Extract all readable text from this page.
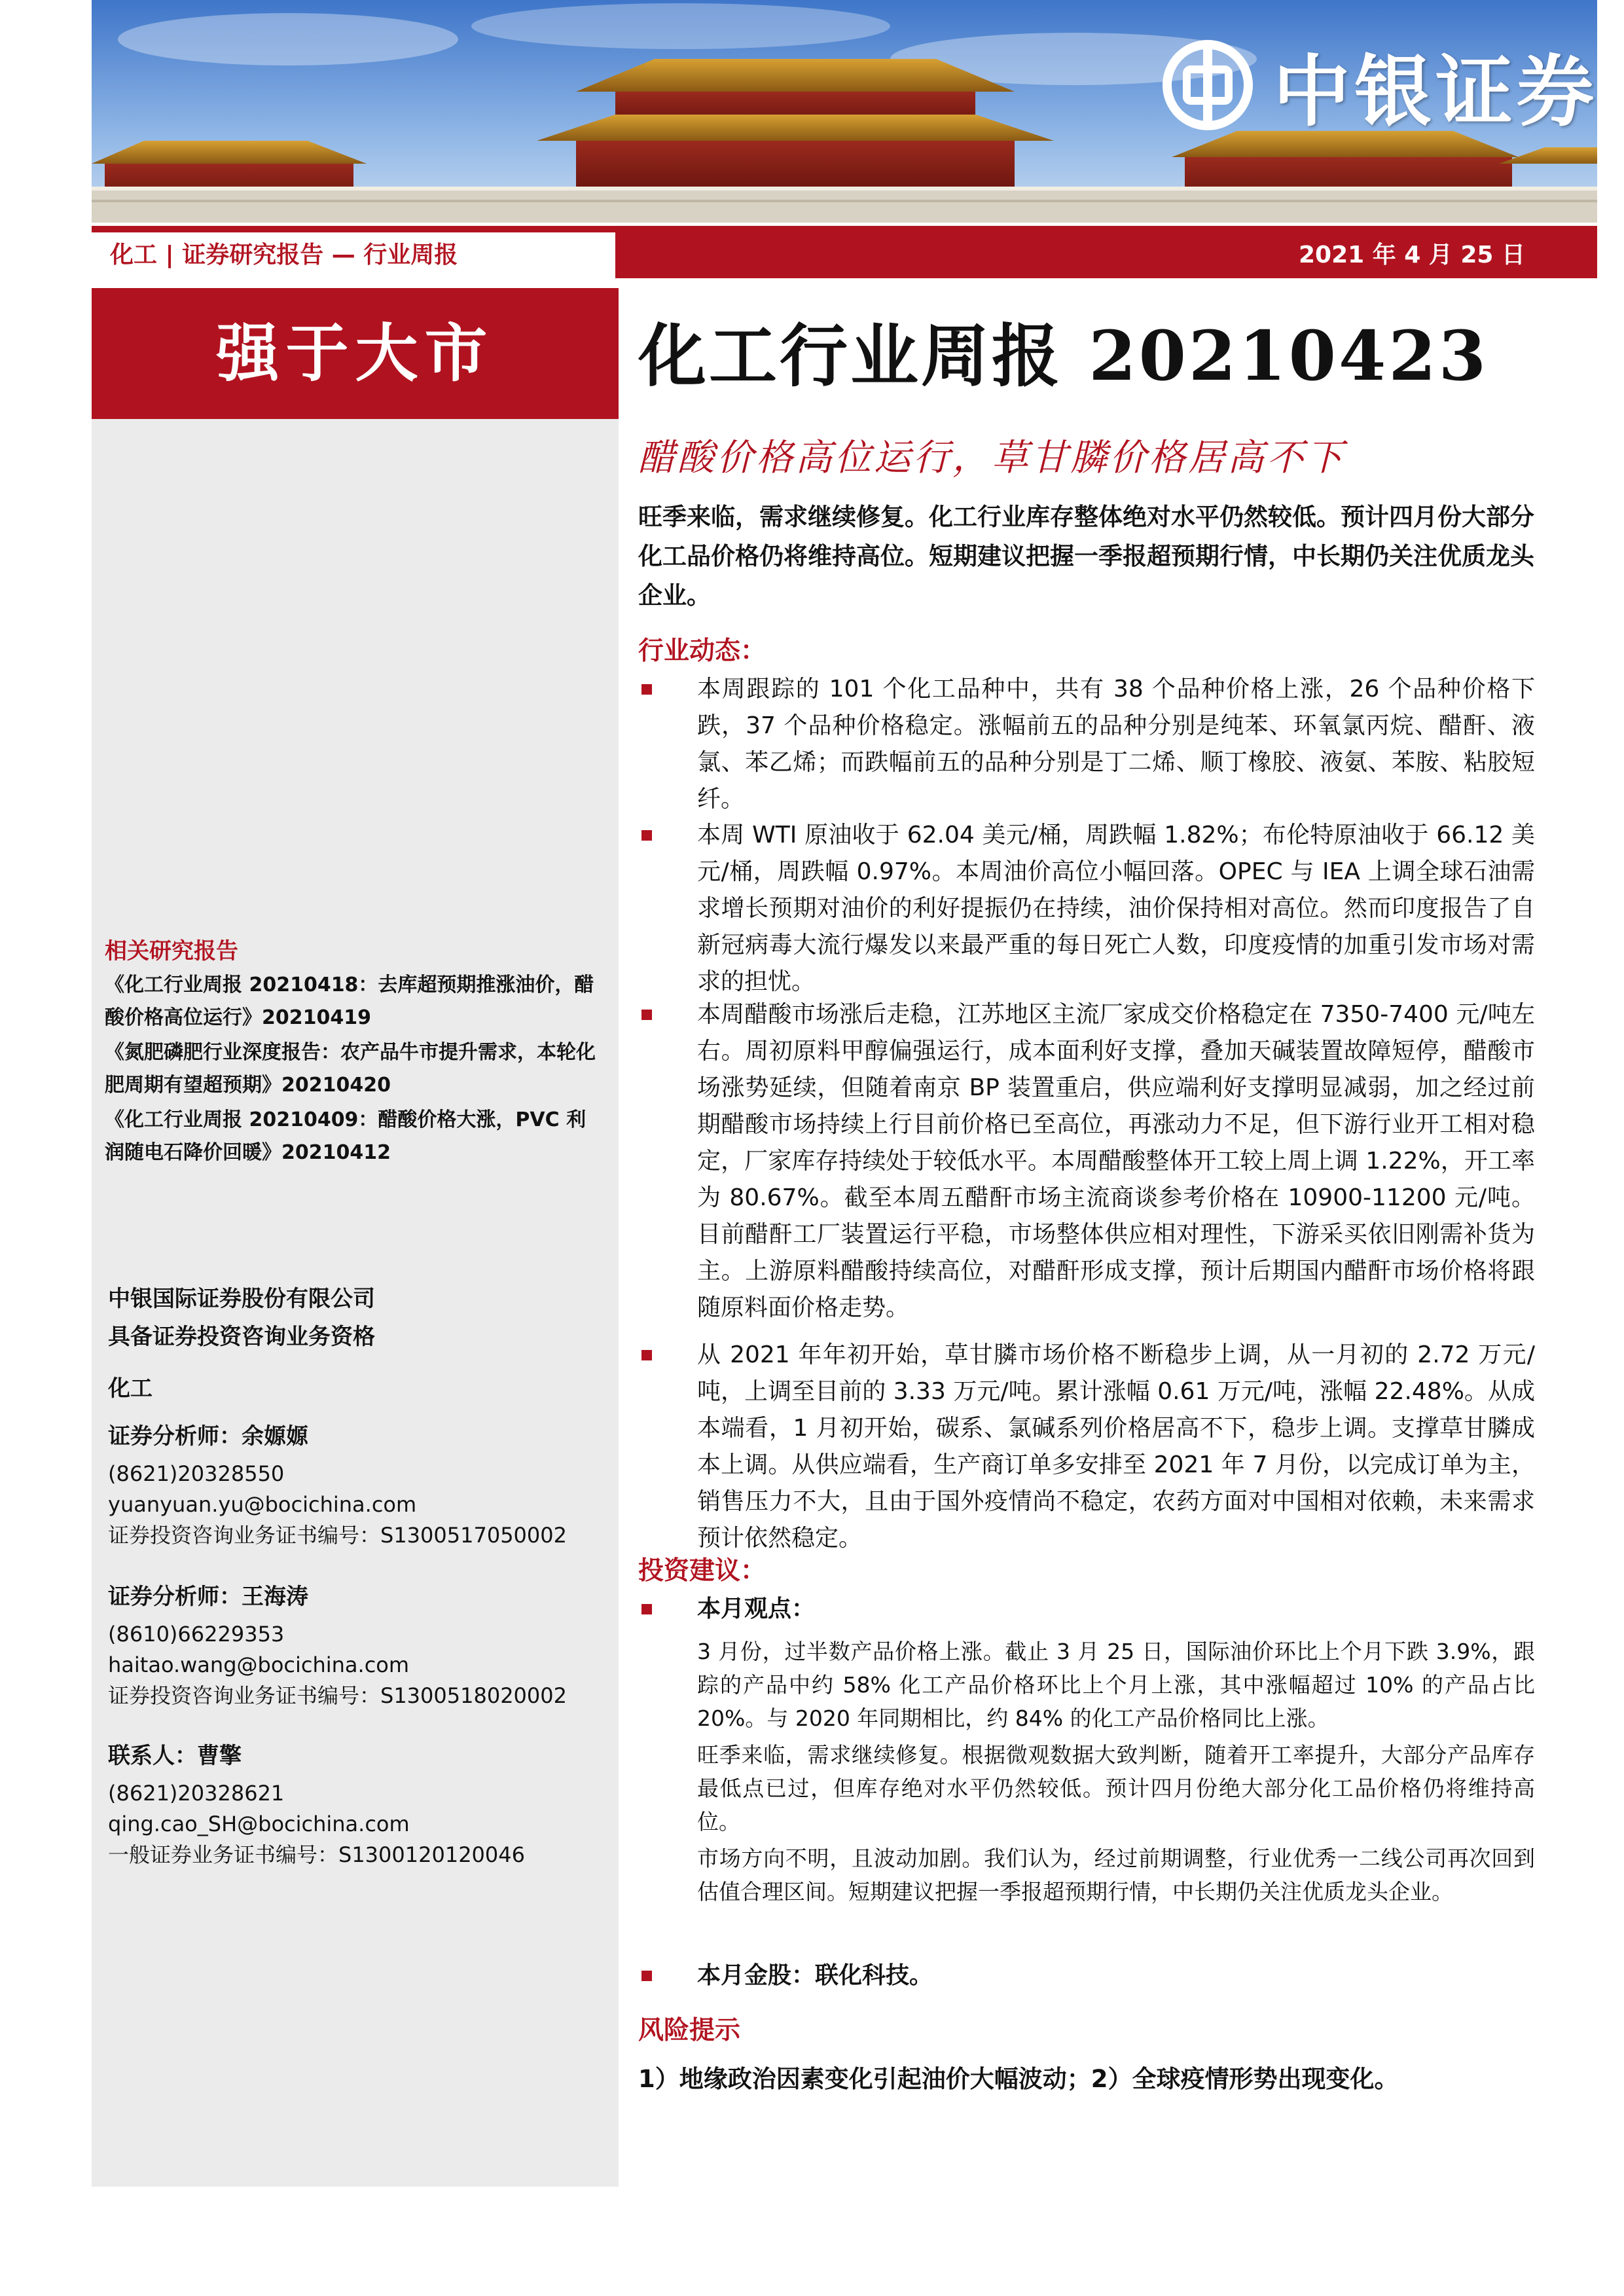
中银证券
化工 | 证券研究报告 — 行业周报	2021 年 4 月 25 日
强于大市
相关研究报告
《化工行业周报 20210418：去库超预期推涨油价，醋酸价格高位运行》20210419
《氮肥磷肥行业深度报告：农产品牛市提升需求，本轮化肥周期有望超预期》20210420
《化工行业周报 20210409：醋酸价格大涨，PVC 利润随电石降价回暖》20210412
中银国际证券股份有限公司
具备证券投资咨询业务资格
化工
证券分析师：余嫄嫄
(8621)20328550
yuanyuan.yu@bocichina.com
证券投资咨询业务证书编号：S1300517050002
证券分析师：王海涛
(8610)66229353
haitao.wang@bocichina.com
证券投资咨询业务证书编号：S1300518020002
联系人：曹擎
(8621)20328621
qing.cao_SH@bocichina.com
一般证券业务证书编号：S1300120120046
化工行业周报 20210423
醋酸价格高位运行，草甘膦价格居高不下
旺季来临，需求继续修复。化工行业库存整体绝对水平仍然较低。预计四月份大部分化工品价格仍将维持高位。短期建议把握一季报超预期行情，中长期仍关注优质龙头企业。
行业动态：
本周跟踪的 101 个化工品种中，共有 38 个品种价格上涨，26 个品种价格下跌，37 个品种价格稳定。涨幅前五的品种分别是纯苯、环氧氯丙烷、醋酐、液氯、苯乙烯；而跌幅前五的品种分别是丁二烯、顺丁橡胶、液氨、苯胺、粘胶短纤。
本周 WTI 原油收于 62.04 美元/桶，周跌幅 1.82%；布伦特原油收于 66.12 美元/桶，周跌幅 0.97%。本周油价高位小幅回落。OPEC 与 IEA 上调全球石油需求增长预期对油价的利好提振仍在持续，油价保持相对高位。然而印度报告了自新冠病毒大流行爆发以来最严重的每日死亡人数，印度疫情的加重引发市场对需求的担忧。
本周醋酸市场涨后走稳，江苏地区主流厂家成交价格稳定在 7350-7400 元/吨左右。周初原料甲醇偏强运行，成本面利好支撑，叠加天碱装置故障短停，醋酸市场涨势延续，但随着南京 BP 装置重启，供应端利好支撑明显减弱，加之经过前期醋酸市场持续上行目前价格已至高位，再涨动力不足，但下游行业开工相对稳定，厂家库存持续处于较低水平。本周醋酸整体开工较上周上调 1.22%，开工率为 80.67%。截至本周五醋酐市场主流商谈参考价格在 10900-11200 元/吨。目前醋酐工厂装置运行平稳，市场整体供应相对理性，下游采买依旧刚需补货为主。上游原料醋酸持续高位，对醋酐形成支撑，预计后期国内醋酐市场价格将跟随原料面价格走势。
从 2021 年年初开始，草甘膦市场价格不断稳步上调，从一月初的 2.72 万元/吨，上调至目前的 3.33 万元/吨。累计涨幅 0.61 万元/吨，涨幅 22.48%。从成本端看，1 月初开始，碳系、氯碱系列价格居高不下，稳步上调。支撑草甘膦成本上调。从供应端看，生产商订单多安排至 2021 年 7 月份，以完成订单为主，销售压力不大，且由于国外疫情尚不稳定，农药方面对中国相对依赖，未来需求预计依然稳定。
投资建议：
本月观点：
3 月份，过半数产品价格上涨。截止 3 月 25 日，国际油价环比上个月下跌 3.9%，跟踪的产品中约 58% 化工产品价格环比上个月上涨，其中涨幅超过 10% 的产品占比 20%。与 2020 年同期相比，约 84% 的化工产品价格同比上涨。
旺季来临，需求继续修复。根据微观数据大致判断，随着开工率提升，大部分产品库存最低点已过，但库存绝对水平仍然较低。预计四月份绝大部分化工品价格仍将维持高位。
市场方向不明，且波动加剧。我们认为，经过前期调整，行业优秀一二线公司再次回到估值合理区间。短期建议把握一季报超预期行情，中长期仍关注优质龙头企业。
本月金股：联化科技。
风险提示
1）地缘政治因素变化引起油价大幅波动；2）全球疫情形势出现变化。
